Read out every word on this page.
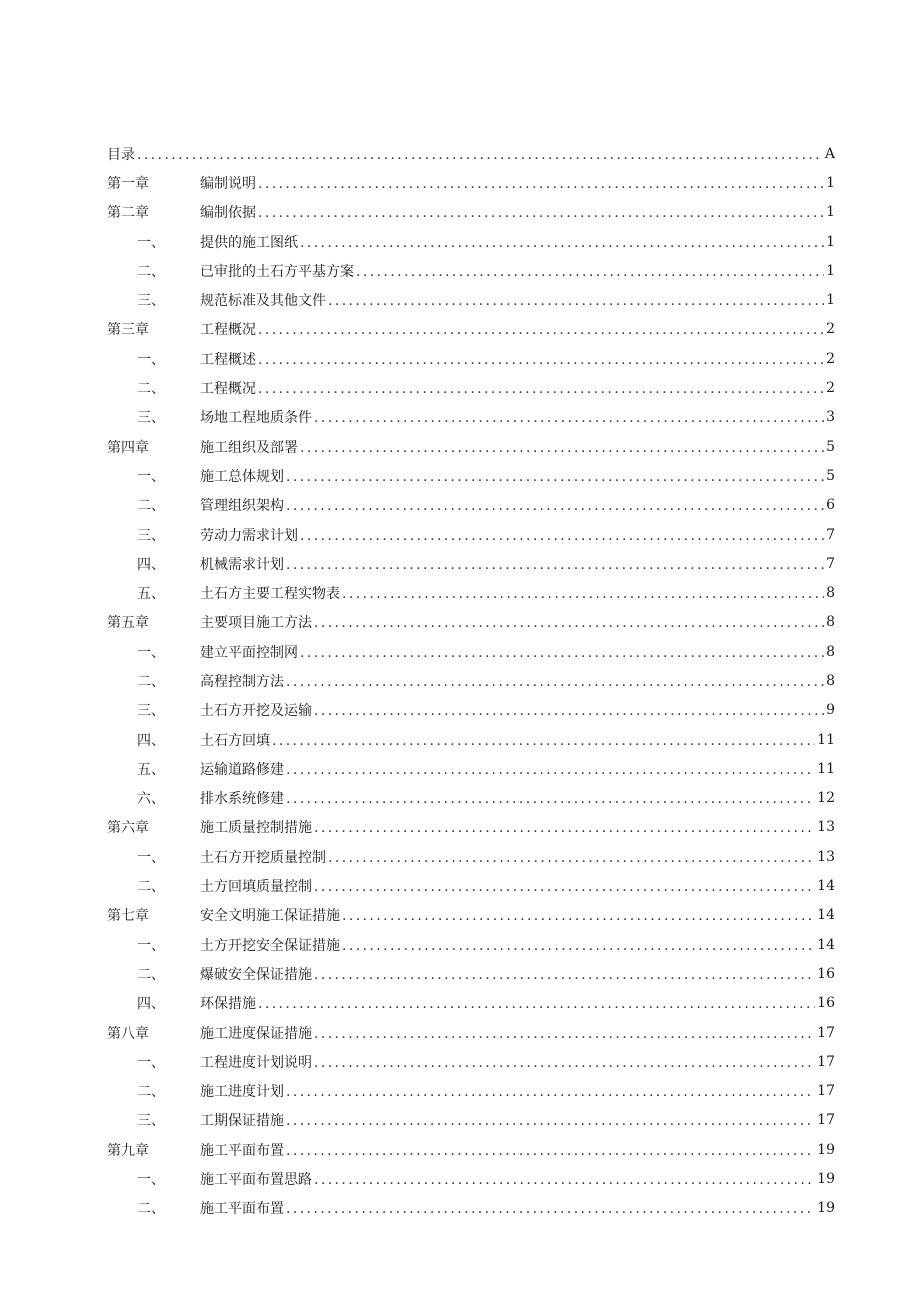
目录 .....	A
第一章	编制说明 .....	1
第二章	编制依据 .....	1
一、	提供的施工图纸 .....	1
二、	已审批的土石方平基方案 .....	1
三、	规范标准及其他文件 .....	1
第三章	工程概况 .....	2
一、	工程概述 .....	2
二、	工程概况 .....	2
三、	场地工程地质条件 .....	3
第四章	施工组织及部署 .....	5
一、	施工总体规划 .....	5
二、	管理组织架构 .....	6
三、	劳动力需求计划 .....	7
四、	机械需求计划 .....	7
五、	土石方主要工程实物表 .....	8
第五章	主要项目施工方法 .....	8
一、	建立平面控制网 .....	8
二、	高程控制方法 .....	8
三、	土石方开挖及运输 .....	9
四、	土石方回填 .....	11
五、	运输道路修建 .....	11
六、	排水系统修建 .....	12
第六章	施工质量控制措施 .....	13
一、	土石方开挖质量控制 .....	13
二、	土方回填质量控制 .....	14
第七章	安全文明施工保证措施 .....	14
一、	土方开挖安全保证措施 .....	14
二、	爆破安全保证措施 .....	16
四、	环保措施 .....	16
第八章	施工进度保证措施 .....	17
一、	工程进度计划说明 .....	17
二、	施工进度计划 .....	17
三、	工期保证措施 .....	17
第九章	施工平面布置 .....	19
一、	施工平面布置思路 .....	19
二、	施工平面布置 .....	19
